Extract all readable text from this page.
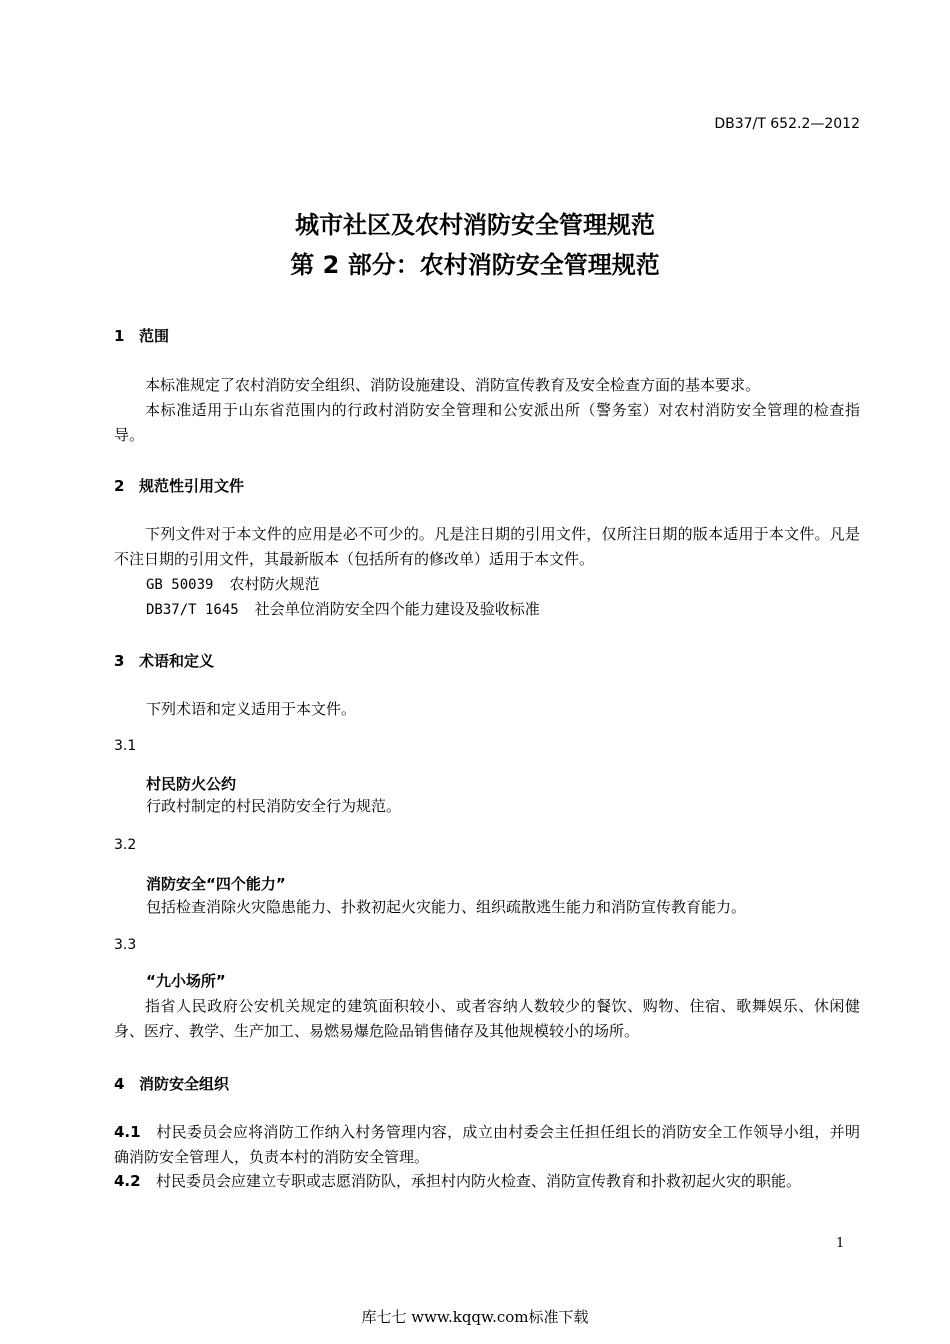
DB37/T 652.2—2012
城市社区及农村消防安全管理规范
第 2 部分：农村消防安全管理规范
1 范围
本标准规定了农村消防安全组织、消防设施建设、消防宣传教育及安全检查方面的基本要求。
本标准适用于山东省范围内的行政村消防安全管理和公安派出所（警务室）对农村消防安全管理的检查指导。
2 规范性引用文件
下列文件对于本文件的应用是必不可少的。凡是注日期的引用文件，仅所注日期的版本适用于本文件。凡是不注日期的引用文件，其最新版本（包括所有的修改单）适用于本文件。
GB 50039 农村防火规范
DB37/T 1645 社会单位消防安全四个能力建设及验收标准
3 术语和定义
下列术语和定义适用于本文件。
3.1
村民防火公约
行政村制定的村民消防安全行为规范。
3.2
消防安全“四个能力”
包括检查消除火灾隐患能力、扑救初起火灾能力、组织疏散逃生能力和消防宣传教育能力。
3.3
“九小场所”
指省人民政府公安机关规定的建筑面积较小、或者容纳人数较少的餐饮、购物、住宿、歌舞娱乐、休闲健身、医疗、教学、生产加工、易燃易爆危险品销售储存及其他规模较小的场所。
4 消防安全组织
4.1 村民委员会应将消防工作纳入村务管理内容，成立由村委会主任担任组长的消防安全工作领导小组，并明确消防安全管理人，负责本村的消防安全管理。
4.2 村民委员会应建立专职或志愿消防队，承担村内防火检查、消防宣传教育和扑救初起火灾的职能。
1
库七七 www.kqqw.com标准下载
